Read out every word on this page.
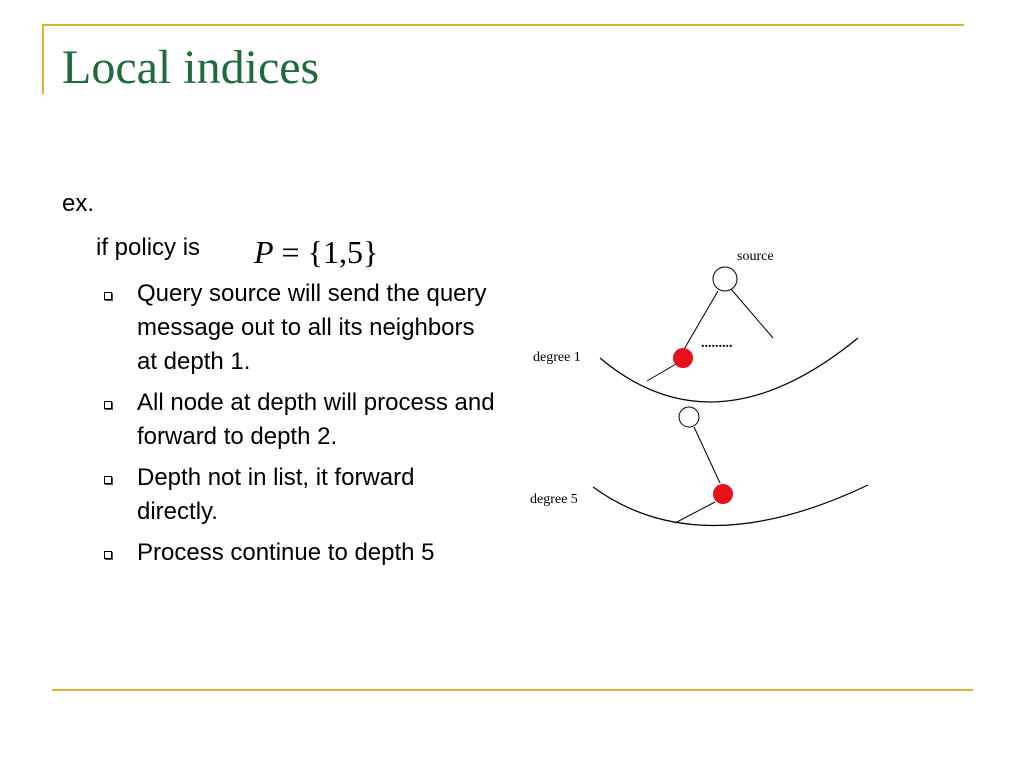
Local indices
ex.
if policy is P = {1,5}
Query source will send the query message out to all its neighbors at depth 1.
All node at depth will process and forward to depth 2.
Depth not in list, it forward directly.
Process continue to depth 5
source
degree 1
degree 5
.........
